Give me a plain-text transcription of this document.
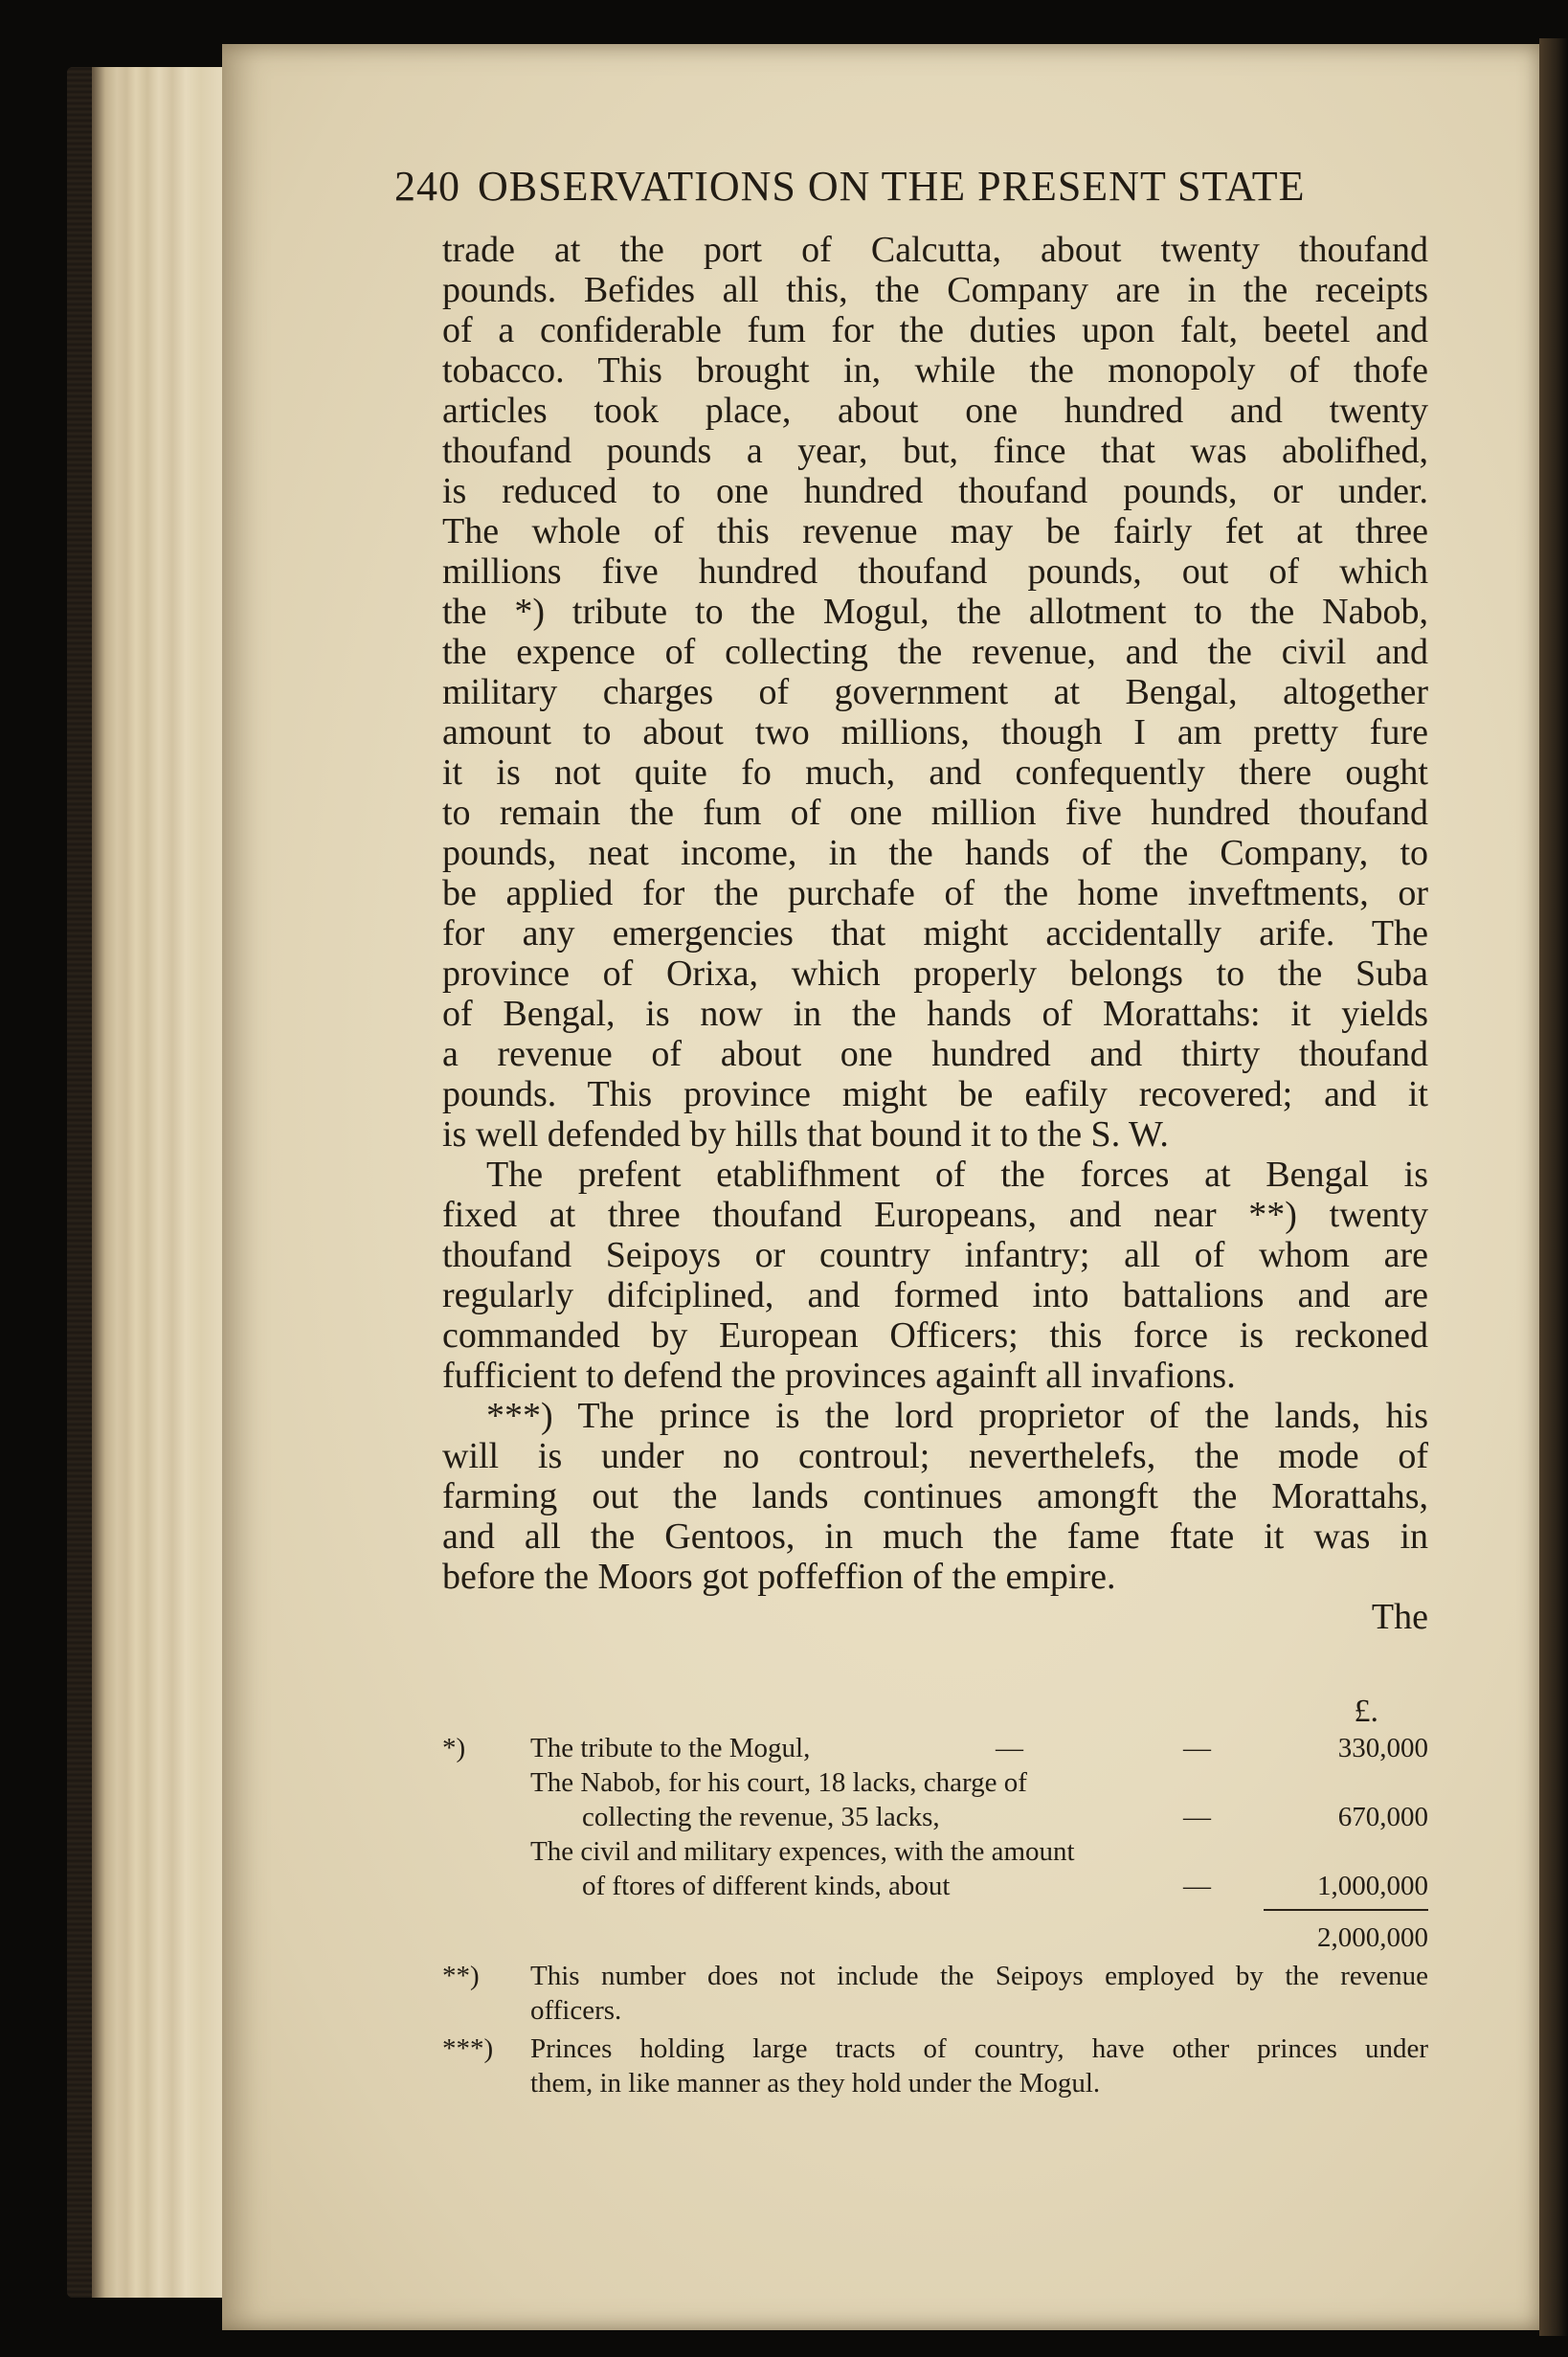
240 OBSERVATIONS ON THE PRESENT STATE
trade at the port of Calcutta, about twenty thoufand
pounds. Befides all this, the Company are in the receipts
of a confiderable fum for the duties upon falt, beetel and
tobacco. This brought in, while the monopoly of thofe
articles took place, about one hundred and twenty
thoufand pounds a year, but, fince that was abolifhed,
is reduced to one hundred thoufand pounds, or under.
The whole of this revenue may be fairly fet at three
millions five hundred thoufand pounds, out of which
the *) tribute to the Mogul, the allotment to the Nabob,
the expence of collecting the revenue, and the civil and
military charges of government at Bengal, altogether
amount to about two millions, though I am pretty fure
it is not quite fo much, and confequently there ought
to remain the fum of one million five hundred thoufand
pounds, neat income, in the hands of the Company, to
be applied for the purchafe of the home inveftments, or
for any emergencies that might accidentally arife. The
province of Orixa, which properly belongs to the Suba
of Bengal, is now in the hands of Morattahs: it yields
a revenue of about one hundred and thirty thoufand
pounds. This province might be eafily recovered; and it
is well defended by hills that bound it to the S. W.
The prefent etablifhment of the forces at Bengal is
fixed at three thoufand Europeans, and near **) twenty
thoufand Seipoys or country infantry; all of whom are
regularly difciplined, and formed into battalions and are
commanded by European Officers; this force is reckoned
fufficient to defend the provinces againft all invafions.
***) The prince is the lord proprietor of the lands, his
will is under no controul; neverthelefs, the mode of
farming out the lands continues amongft the Morattahs,
and all the Gentoos, in much the fame ftate it was in
before the Moors got poffeffion of the empire.
The
£.
*)	The tribute to the Mogul,	—	—	330,000
The Nabob, for his court, 18 lacks, charge of
collecting the revenue, 35 lacks,	—	670,000
The civil and military expences, with the amount
of ftores of different kinds, about	—	1,000,000
2,000,000
**)	This number does not include the Seipoys employed by the revenue
officers.
***)	Princes holding large tracts of country, have other princes under
them, in like manner as they hold under the Mogul.
